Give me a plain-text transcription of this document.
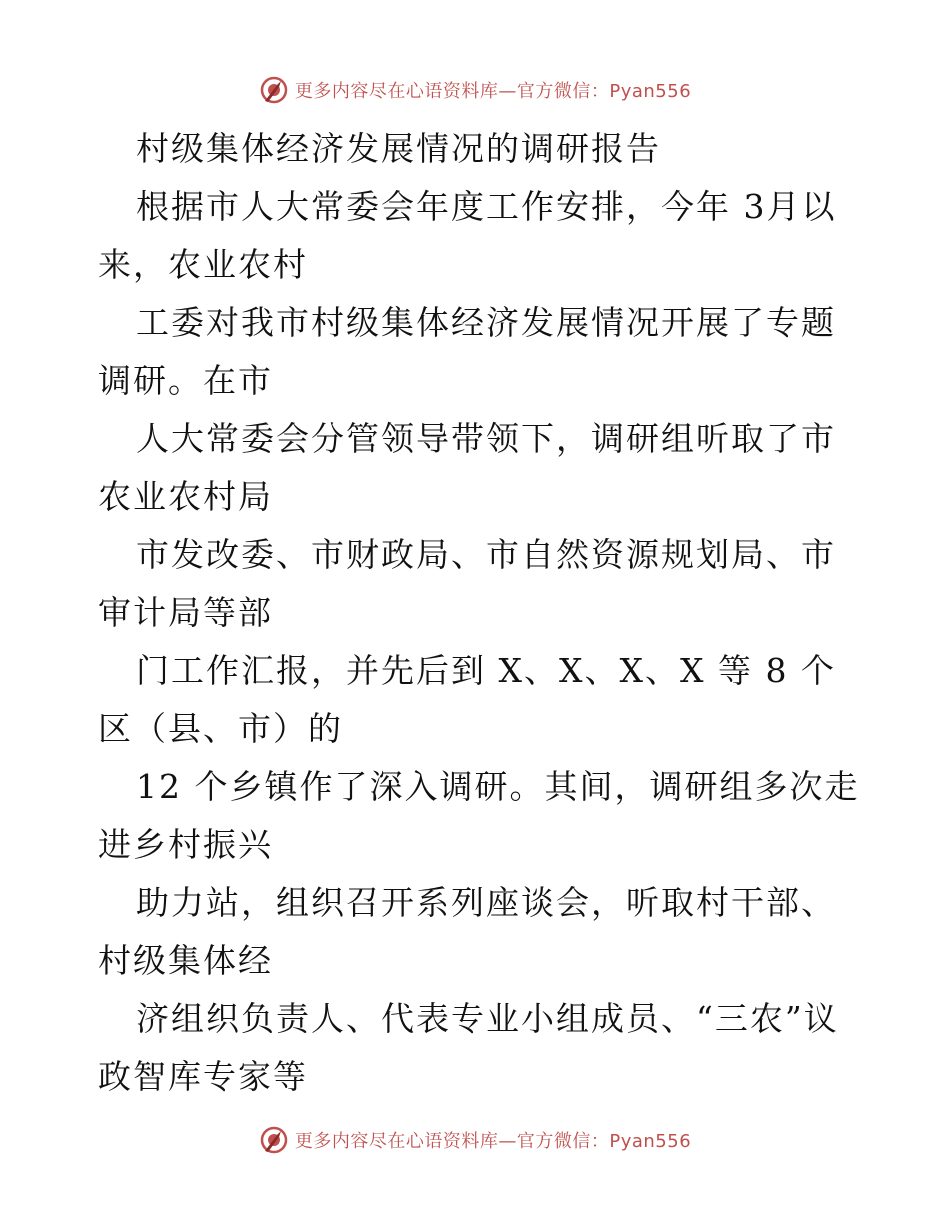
更多内容尽在心语资料库—官方微信：Pyan556

村级集体经济发展情况的调研报告

根据市人大常委会年度工作安排，今年 3月以来，农业农村

工委对我市村级集体经济发展情况开展了专题调研。在市

人大常委会分管领导带领下，调研组听取了市农业农村局

市发改委、市财政局、市自然资源规划局、市审计局等部

门工作汇报，并先后到 X、X、X、X 等 8 个区（县、市）的

12 个乡镇作了深入调研。其间，调研组多次走进乡村振兴

助力站，组织召开系列座谈会，听取村干部、村级集体经

济组织负责人、代表专业小组成员、“三农”议政智库专家等

更多内容尽在心语资料库—官方微信：Pyan556
